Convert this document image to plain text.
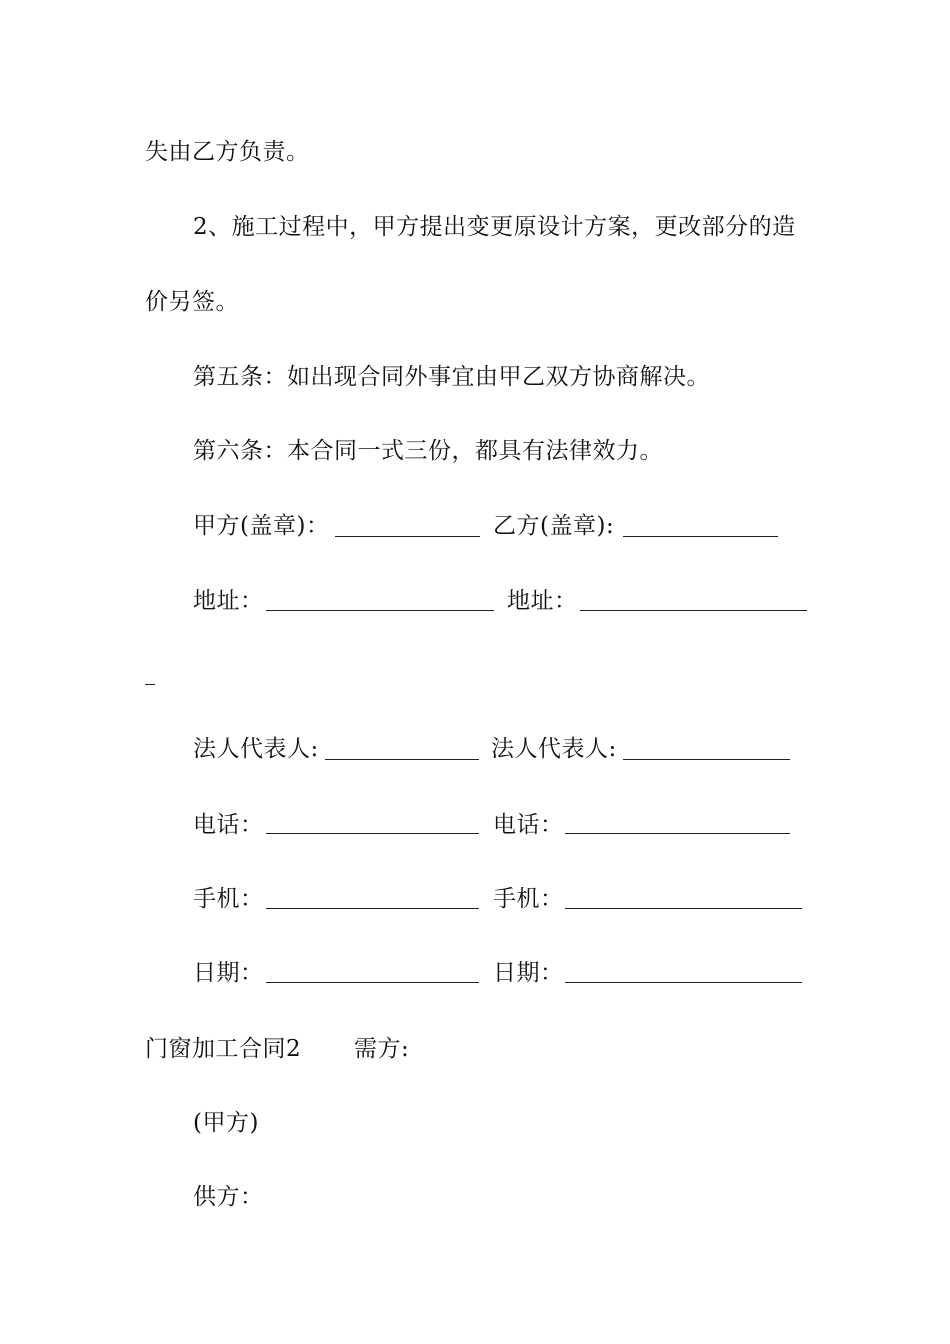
失由乙方负责。
2、施工过程中，甲方提出变更原设计方案，更改部分的造
价另签。
第五条：如出现合同外事宜由甲乙双方协商解决。
第六条：本合同一式三份，都具有法律效力。
甲方(盖章)：	乙方(盖章):
地址：	地址：
法人代表人:	法人代表人:
电话：	电话：
手机：	手机：
日期：	日期：
门窗加工合同2 需方:
(甲方)
供方：
